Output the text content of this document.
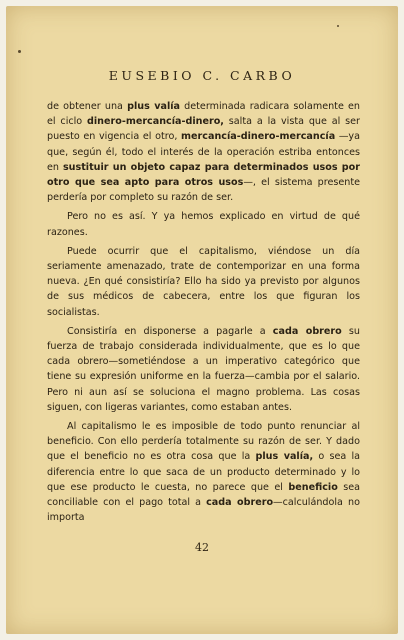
EUSEBIO C. CARBO

de obtener una plus valía determinada radicara solamente en el ciclo dinero-mercancía-dinero, salta a la vista que al ser puesto en vigencia el otro, mercancía-dinero-mercancía —ya que, según él, todo el interés de la operación estriba entonces en sustituir un objeto capaz para determinados usos por otro que sea apto para otros usos—, el sistema presente perdería por completo su razón de ser.

Pero no es así. Y ya hemos explicado en virtud de qué razones.

Puede ocurrir que el capitalismo, viéndose un día seriamente amenazado, trate de contemporizar en una forma nueva. ¿En qué consistiría? Ello ha sido ya previsto por algunos de sus médicos de cabecera, entre los que figuran los socialistas.

Consistiría en disponerse a pagarle a cada obrero su fuerza de trabajo considerada individualmente, que es lo que cada obrero—sometiéndose a un imperativo categórico que tiene su expresión uniforme en la fuerza—cambia por el salario. Pero ni aun así se soluciona el magno problema. Las cosas siguen, con ligeras variantes, como estaban antes.

Al capitalismo le es imposible de todo punto renunciar al beneficio. Con ello perdería totalmente su razón de ser. Y dado que el beneficio no es otra cosa que la plus valía, o sea la diferencia entre lo que saca de un producto determinado y lo que ese producto le cuesta, no parece que el beneficio sea conciliable con el pago total a cada obrero—calculándola no importa

42
